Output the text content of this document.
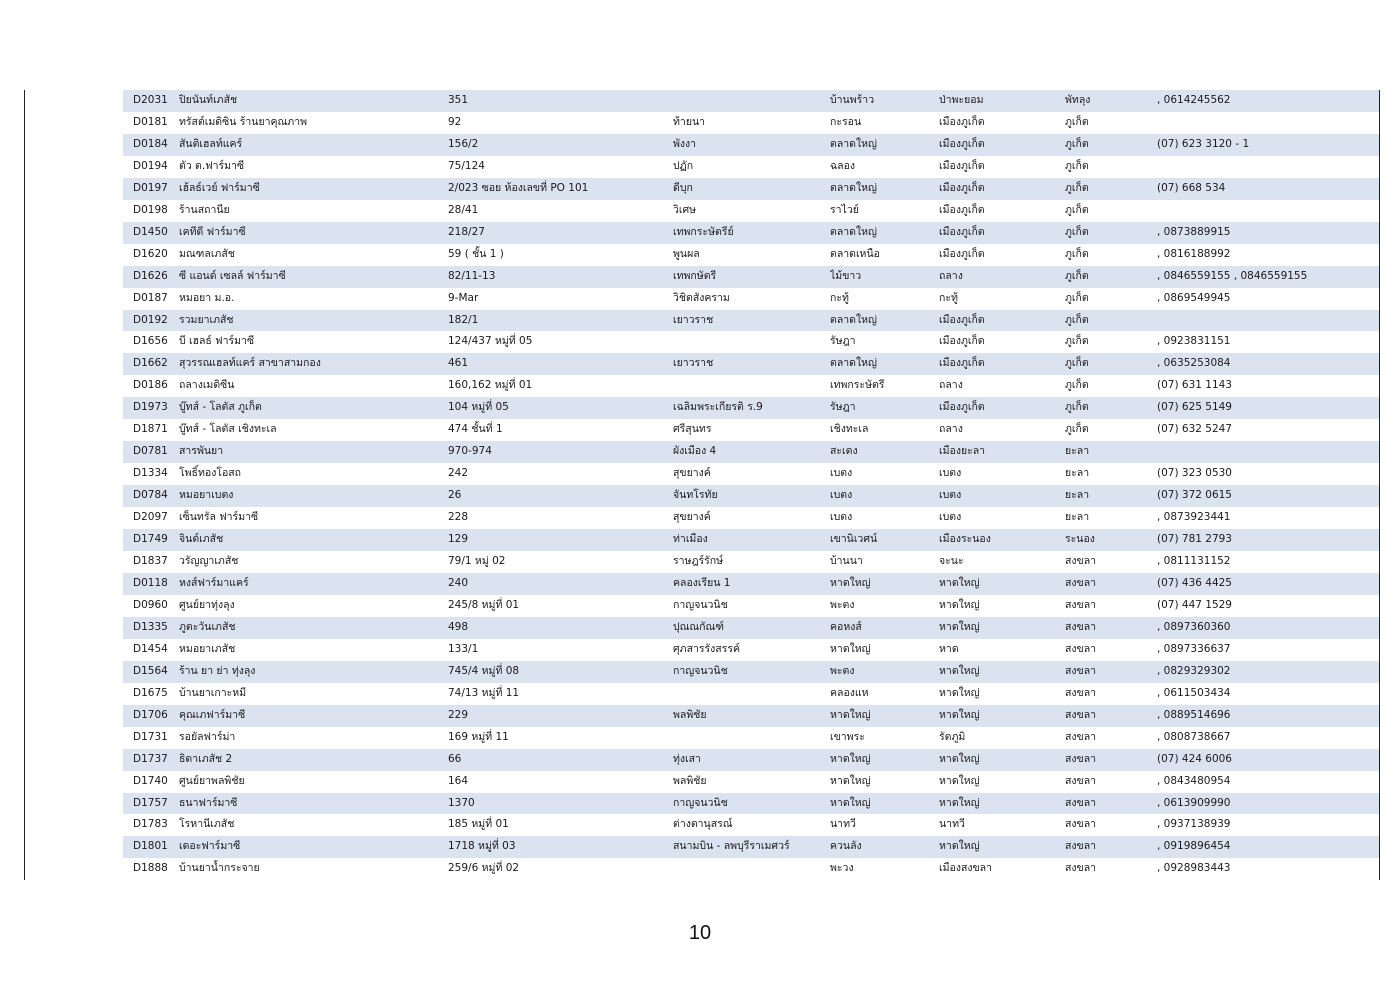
D2031	ปิยนันท์เภสัช	351		บ้านพร้าว	ป่าพะยอม	พัทลุง	, 0614245562
D0181	ทรัสต์เมดิซิน ร้านยาคุณภาพ	92	ท้ายนา	กะรอน	เมืองภูเก็ต	ภูเก็ต	
D0184	สันติเฮลท์แคร์	156/2	พังงา	ตลาดใหญ่	เมืองภูเก็ต	ภูเก็ต	(07) 623 3120 - 1
D0194	ตัว ต.ฟาร์มาซี	75/124	ปฏัก	ฉลอง	เมืองภูเก็ต	ภูเก็ต	
D0197	เฮ้ลธ์เวย์ ฟาร์มาซี	2/023 ซอย ห้องเลขที่ PO 101	ดีบุก	ตลาดใหญ่	เมืองภูเก็ต	ภูเก็ต	(07) 668 534
D0198	ร้านสถานีย	28/41	วิเศษ	ราไวย์	เมืองภูเก็ต	ภูเก็ต	
D1450	เคทีดี ฟาร์มาซี	218/27	เทพกระษัตรีย์	ตลาดใหญ่	เมืองภูเก็ต	ภูเก็ต	, 0873889915
D1620	มณฑลเภสัช	59 ( ชั้น 1 )	พูนผล	ตลาดเหนือ	เมืองภูเก็ต	ภูเก็ต	, 0816188992
D1626	ซี แอนด์ เซลล์ ฟาร์มาซี	82/11-13	เทพกษัตรี	ไม้ขาว	ถลาง	ภูเก็ต	, 0846559155 , 0846559155
D0187	หมอยา ม.อ.	9-Mar	วิชิตสังคราม	กะทู้	กะทู้	ภูเก็ต	, 0869549945
D0192	รวมยาเภสัช	182/1	เยาวราช	ตลาดใหญ่	เมืองภูเก็ต	ภูเก็ต	
D1656	บี เฮลธ์ ฟาร์มาซี	124/437 หมู่ที่ 05		รัษฎา	เมืองภูเก็ต	ภูเก็ต	, 0923831151
D1662	สุวรรณเฮลท์แคร์ สาขาสามกอง	461	เยาวราช	ตลาดใหญ่	เมืองภูเก็ต	ภูเก็ต	, 0635253084
D0186	ถลางเมดิซีน	160,162 หมู่ที่ 01		เทพกระษัตรี	ถลาง	ภูเก็ต	(07) 631 1143
D1973	บู๊ทส์ - โลตัส ภูเก็ต	104 หมู่ที่ 05	เฉลิมพระเกียรติ ร.9	รัษฎา	เมืองภูเก็ต	ภูเก็ต	(07) 625 5149
D1871	บู๊ทส์ - โลตัส เชิงทะเล	474 ชั้นที่ 1	ศรีสุนทร	เชิงทะเล	ถลาง	ภูเก็ต	(07) 632 5247
D0781	สารพันยา	970-974	ผังเมือง 4	สะเตง	เมืองยะลา	ยะลา	
D1334	โพธิ์ทองโอสถ	242	สุขยางค์	เบตง	เบตง	ยะลา	(07) 323 0530
D0784	หมอยาเบตง	26	จันทโรทัย	เบตง	เบตง	ยะลา	(07) 372 0615
D2097	เซ็นทรัล ฟาร์มาซี	228	สุขยางค์	เบตง	เบตง	ยะลา	, 0873923441
D1749	จินต์เภสัช	129	ท่าเมือง	เขานิเวศน์	เมืองระนอง	ระนอง	(07) 781 2793
D1837	วรัญญาเภสัช	79/1 หมู่ 02	ราษฎร์รักษ์	บ้านนา	จะนะ	สงขลา	, 0811131152
D0118	หงส์ฟาร์มาแคร์	240	คลองเรียน 1	หาดใหญ่	หาดใหญ่	สงขลา	(07) 436 4425
D0960	ศูนย์ยาทุ่งลุง	245/8 หมู่ที่ 01	กาญจนวนิช	พะตง	หาดใหญ่	สงขลา	(07) 447 1529
D1335	ภูตะวันเภสัช	498	ปุณณกัณฑ์	คอหงส์	หาดใหญ่	สงขลา	, 0897360360
D1454	หมอยาเภสัช	133/1	ศุภสารรังสรรค์	หาดใหญ่	หาด	สงขลา	, 0897336637
D1564	ร้าน ยา ย่า ทุ่งลุง	745/4 หมู่ที่ 08	กาญจนวนิช	พะตง	หาดใหญ่	สงขลา	, 0829329302
D1675	บ้านยาเกาะหมี	74/13 หมู่ที่ 11		คลองแห	หาดใหญ่	สงขลา	, 0611503434
D1706	คุณเภฟาร์มาซี	229	พลพิชัย	หาดใหญ่	หาดใหญ่	สงขลา	, 0889514696
D1731	รอยัลฟาร์ม่า	169 หมู่ที่ 11		เขาพระ	รัตภูมิ	สงขลา	, 0808738667
D1737	ธิดาเภสัช 2	66	ทุ่งเสา	หาดใหญ่	หาดใหญ่	สงขลา	(07) 424 6006
D1740	ศูนย์ยาพลพิชัย	164	พลพิชัย	หาดใหญ่	หาดใหญ่	สงขลา	, 0843480954
D1757	ธนาฟาร์มาซี	1370	กาญจนวนิช	หาดใหญ่	หาดใหญ่	สงขลา	, 0613909990
D1783	โรหานีเภสัช	185 หมู่ที่ 01	ต่างตานุสรณ์	นาทวี	นาทวี	สงขลา	, 0937138939
D1801	เดอะฟาร์มาซี	1718 หมู่ที่ 03	สนามบิน - ลพบุรีราเมศวร์	ควนลัง	หาดใหญ่	สงขลา	, 0919896454
D1888	บ้านยาน้ำกระจาย	259/6 หมู่ที่ 02		พะวง	เมืองสงขลา	สงขลา	, 0928983443
10
